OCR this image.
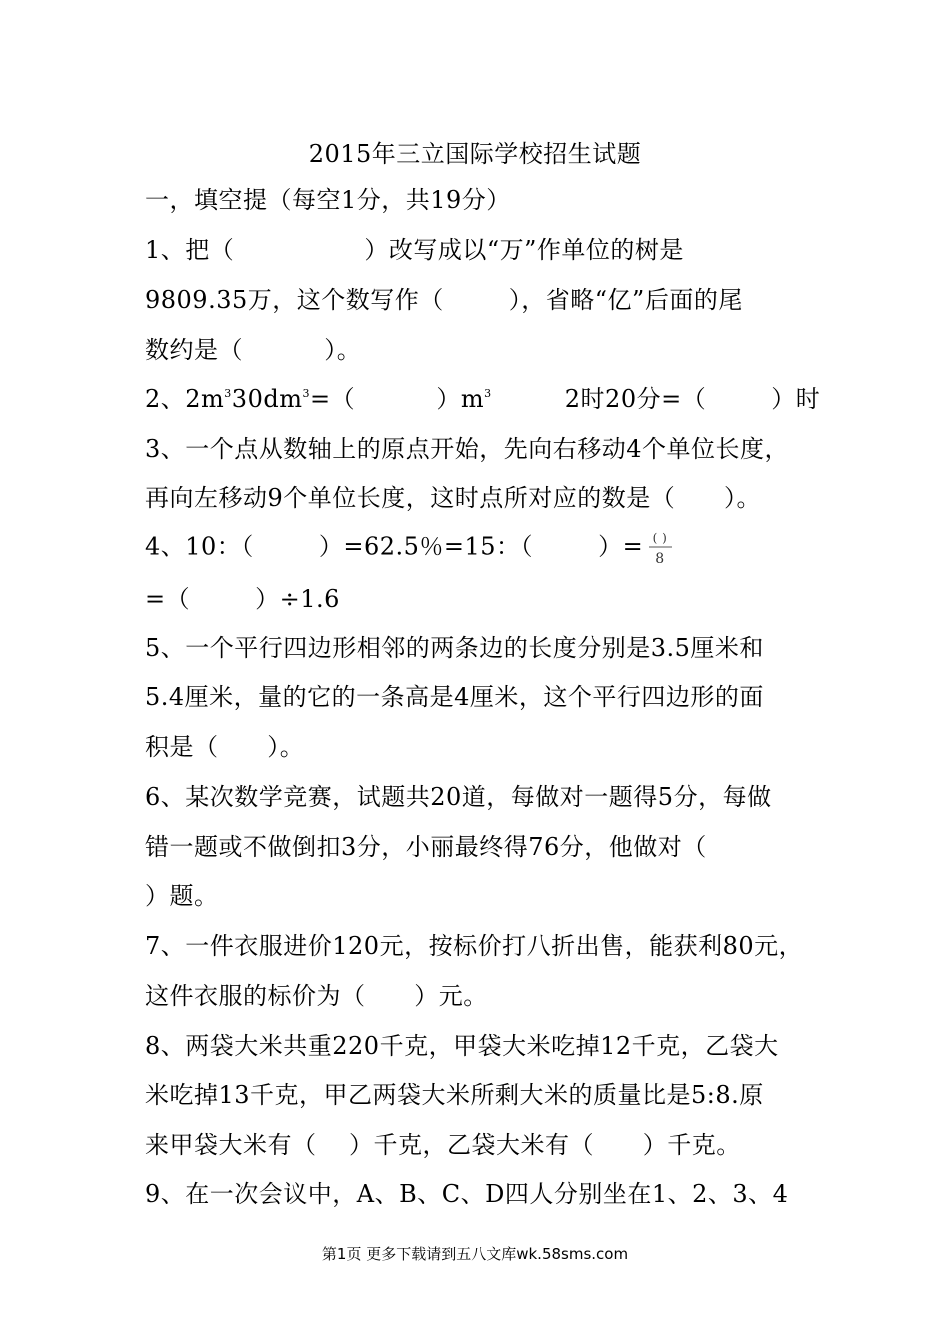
2015年三立国际学校招生试题
一，填空提（每空1分，共19分）
1、把（                ）改写成以“万”作单位的树是
9809.35万，这个数写作（        ），省略“亿”后面的尾
数约是（          ）。
2、$2m^330dm^3=$（          ）$m^3$         2时20分=（        ）时
3、一个点从数轴上的原点开始，先向右移动4个单位长度，
再向左移动9个单位长度，这时点所对应的数是（      ）。
4、10：（        ）=62.5％=15：（        ）= ( )
8
=（        ）÷1.6
5、一个平行四边形相邻的两条边的长度分别是3.5厘米和
5.4厘米，量的它的一条高是4厘米，这个平行四边形的面
积是（      ）。
6、某次数学竞赛，试题共20道，每做对一题得5分，每做
错一题或不做倒扣3分，小丽最终得76分，他做对（
）题。
7、一件衣服进价120元，按标价打八折出售，能获利80元，
这件衣服的标价为（      ）元。
8、两袋大米共重220千克，甲袋大米吃掉12千克，乙袋大
米吃掉13千克，甲乙两袋大米所剩大米的质量比是5:8.原
来甲袋大米有（    ）千克，乙袋大米有（      ）千克。
9、在一次会议中，A、B、C、D四人分别坐在1、2、3、4
第1页 更多下载请到五八文库wk.58sms.com
